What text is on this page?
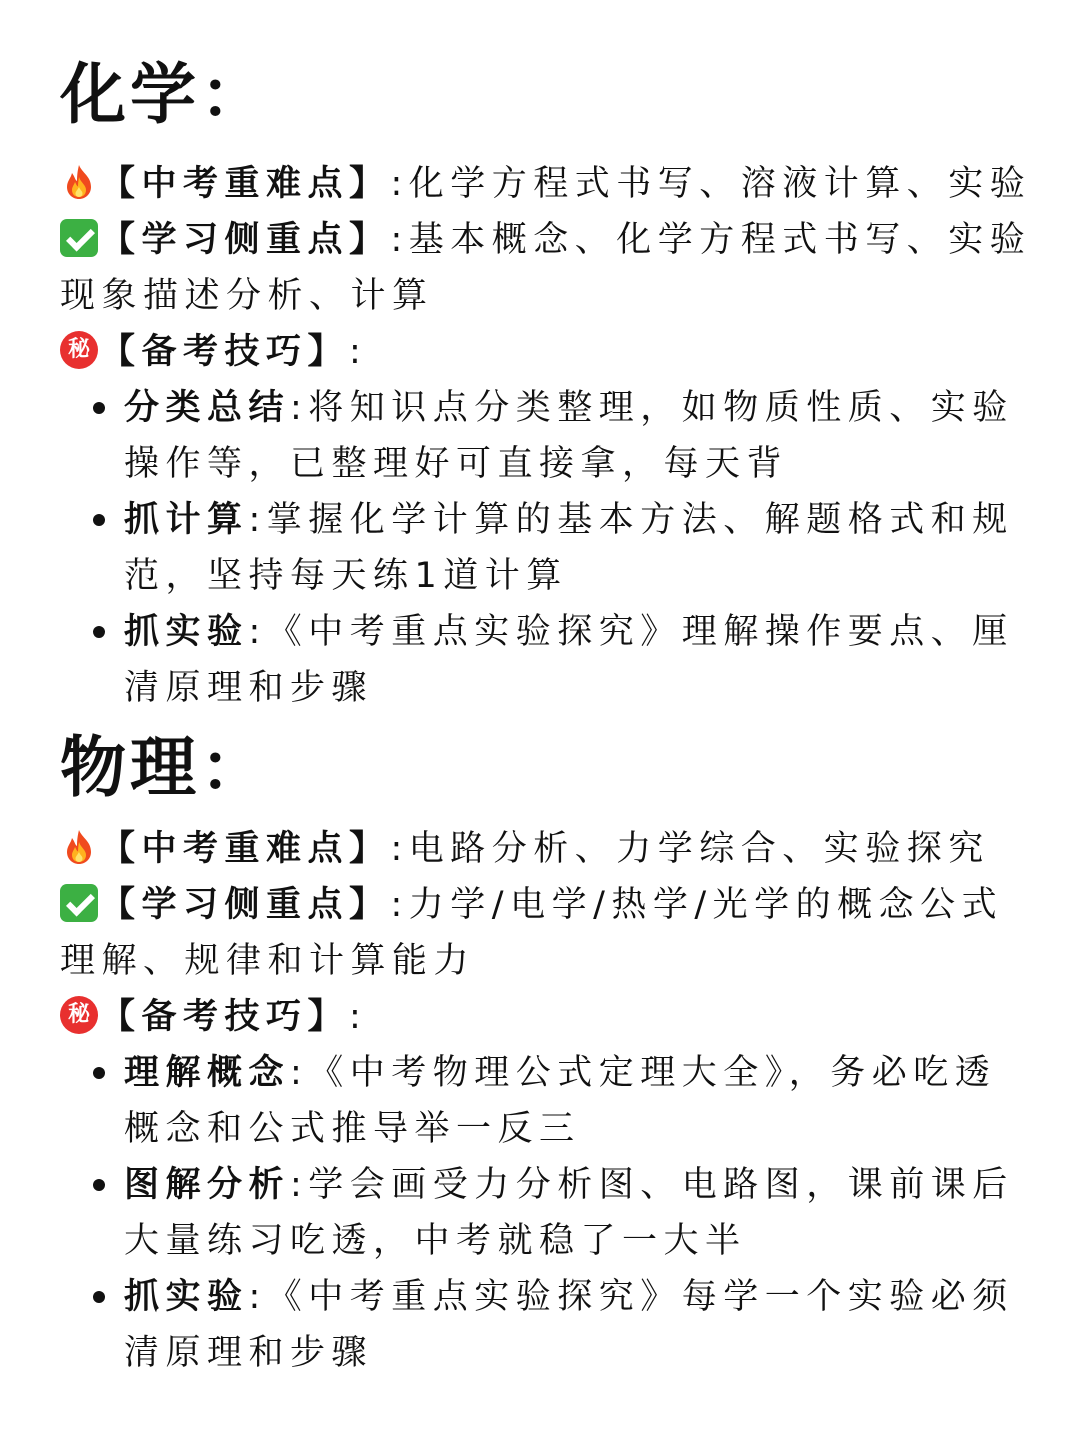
化学：
【中考重难点】:化学方程式书写、溶液计算、实验
【学习侧重点】:基本概念、化学方程式书写、实验
现象描述分析、计算
秘 【备考技巧】:
分类总结:将知识点分类整理，如物质性质、实验
操作等，已整理好可直接拿，每天背
抓计算:掌握化学计算的基本方法、解题格式和规
范，坚持每天练1道计算
抓实验:《中考重点实验探究》理解操作要点、厘
清原理和步骤
物理：
【中考重难点】:电路分析、力学综合、实验探究
【学习侧重点】:力学/电学/热学/光学的概念公式
理解、规律和计算能力
秘 【备考技巧】:
理解概念:《中考物理公式定理大全》，务必吃透
概念和公式推导举一反三
图解分析:学会画受力分析图、电路图，课前课后
大量练习吃透，中考就稳了一大半
抓实验:《中考重点实验探究》每学一个实验必须
清原理和步骤
